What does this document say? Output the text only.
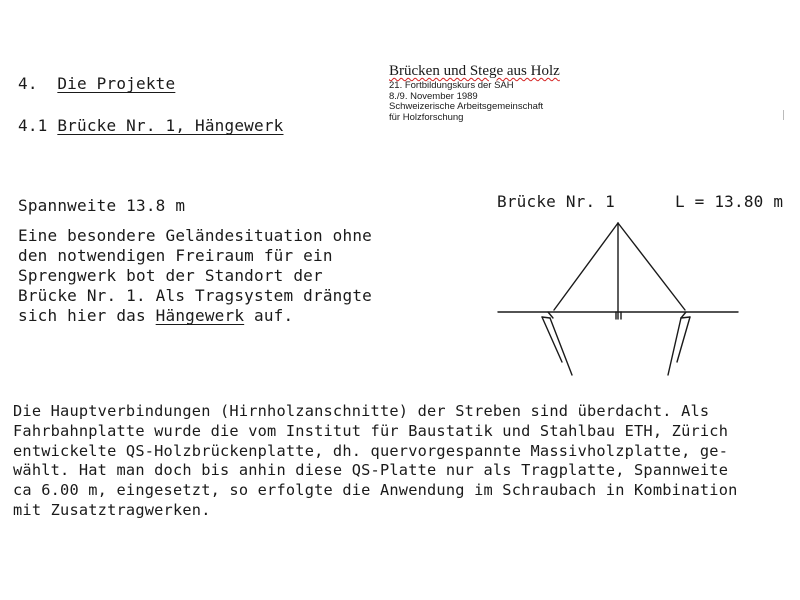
Brücken und Stege aus Holz
21. Fortbildungskurs der SAH
8./9. November 1989
Schweizerische Arbeitsgemeinschaft
für Holzforschung
4. Die Projekte
4.1 Brücke Nr. 1, Hängewerk
Spannweite 13.8 m
Eine besondere Geländesituation ohne
den notwendigen Freiraum für ein
Sprengwerk bot der Standort der
Brücke Nr. 1. Als Tragsystem drängte
sich hier das Hängewerk auf.
Brücke Nr. 1	L = 13.80 m
Die Hauptverbindungen (Hirnholzanschnitte) der Streben sind überdacht. Als
Fahrbahnplatte wurde die vom Institut für Baustatik und Stahlbau ETH, Zürich
entwickelte QS-Holzbrückenplatte, dh. quervorgespannte Massivholzplatte, ge-
wählt. Hat man doch bis anhin diese QS-Platte nur als Tragplatte, Spannweite
ca 6.00 m, eingesetzt, so erfolgte die Anwendung im Schraubach in Kombination
mit Zusatztragwerken.
